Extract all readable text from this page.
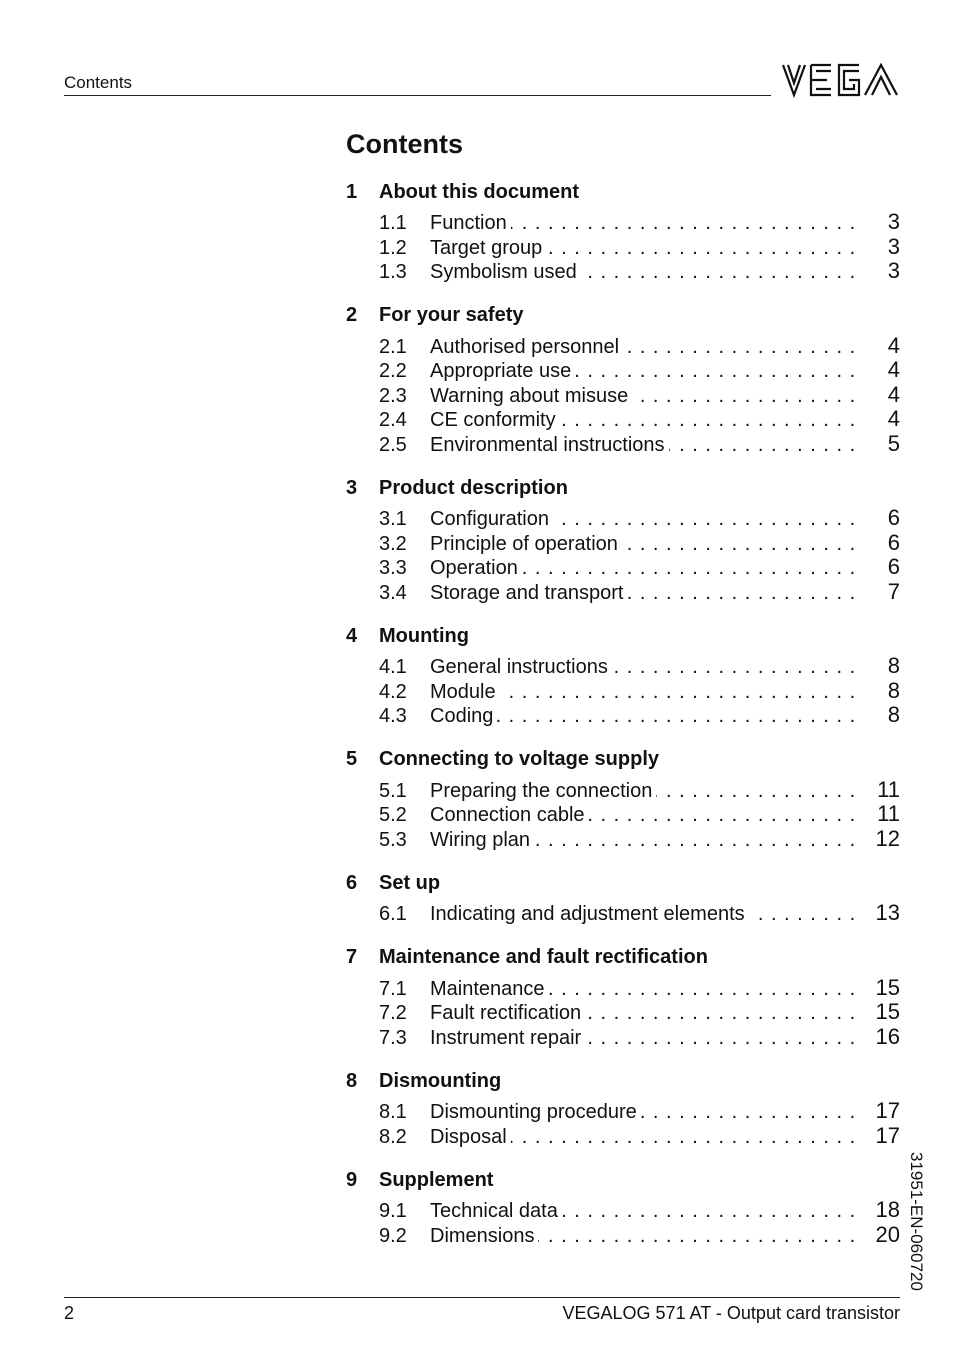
Contents
Contents
1	About this document
1.1	Function . . .	3
1.2	Target group . . .	3
1.3	Symbolism used . . .	3
2	For your safety
2.1	Authorised personnel . . .	4
2.2	Appropriate use . . .	4
2.3	Warning about misuse . . .	4
2.4	CE conformity . . .	4
2.5	Environmental instructions . . .	5
3	Product description
3.1	Configuration . . .	6
3.2	Principle of operation . . .	6
3.3	Operation . . .	6
3.4	Storage and transport . . .	7
4	Mounting
4.1	General instructions . . .	8
4.2	Module . . .	8
4.3	Coding . . .	8
5	Connecting to voltage supply
5.1	Preparing the connection . . .	11
5.2	Connection cable . . .	11
5.3	Wiring plan . . .	12
6	Set up
6.1	Indicating and adjustment elements . . .	13
7	Maintenance and fault rectification
7.1	Maintenance . . .	15
7.2	Fault rectification . . .	15
7.3	Instrument repair . . .	16
8	Dismounting
8.1	Dismounting procedure . . .	17
8.2	Disposal . . .	17
9	Supplement
9.1	Technical data . . .	18
9.2	Dimensions . . .	20 31951-EN-060720
2	VEGALOG 571 AT - Output card transistor
